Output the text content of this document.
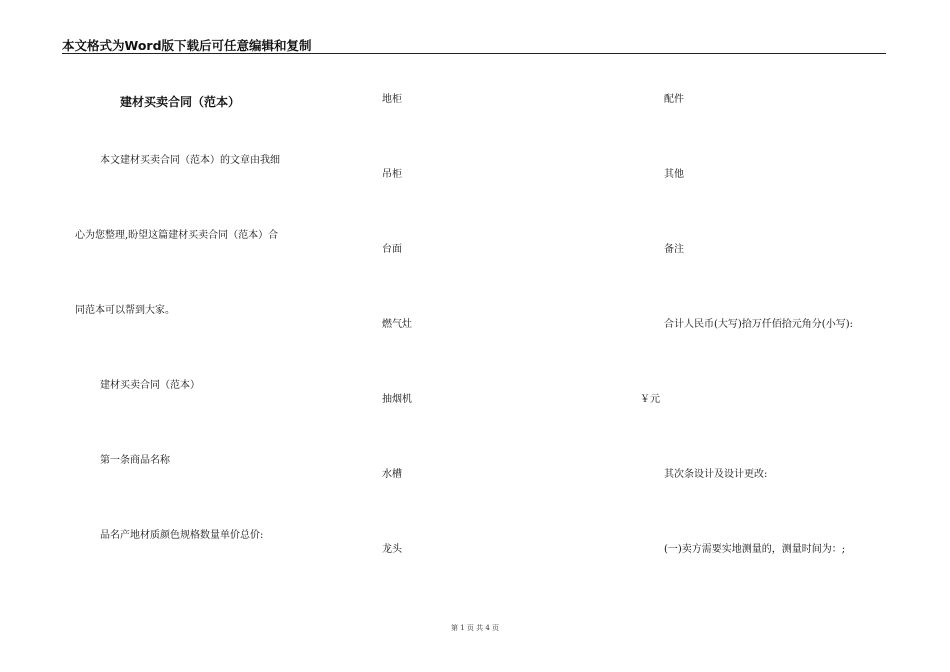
本文格式为Word版下载后可任意编辑和复制
建材买卖合同（范本）
本文建材买卖合同（范本）的文章由我细
心为您整理,盼望这篇建材买卖合同（范本）合
同范本可以帮到大家。
建材买卖合同（范本）
第一条商品名称
品名产地材质颜色规格数量单价总价:
地柜
吊柜
台面
燃气灶
抽烟机
水槽
龙头
配件
其他
备注
合计人民币(大写)拾万仟佰拾元角分(小写):
￥元
其次条设计及设计更改:
(一)卖方需要实地测量的，测量时间为：;
第 1 页 共 4 页
